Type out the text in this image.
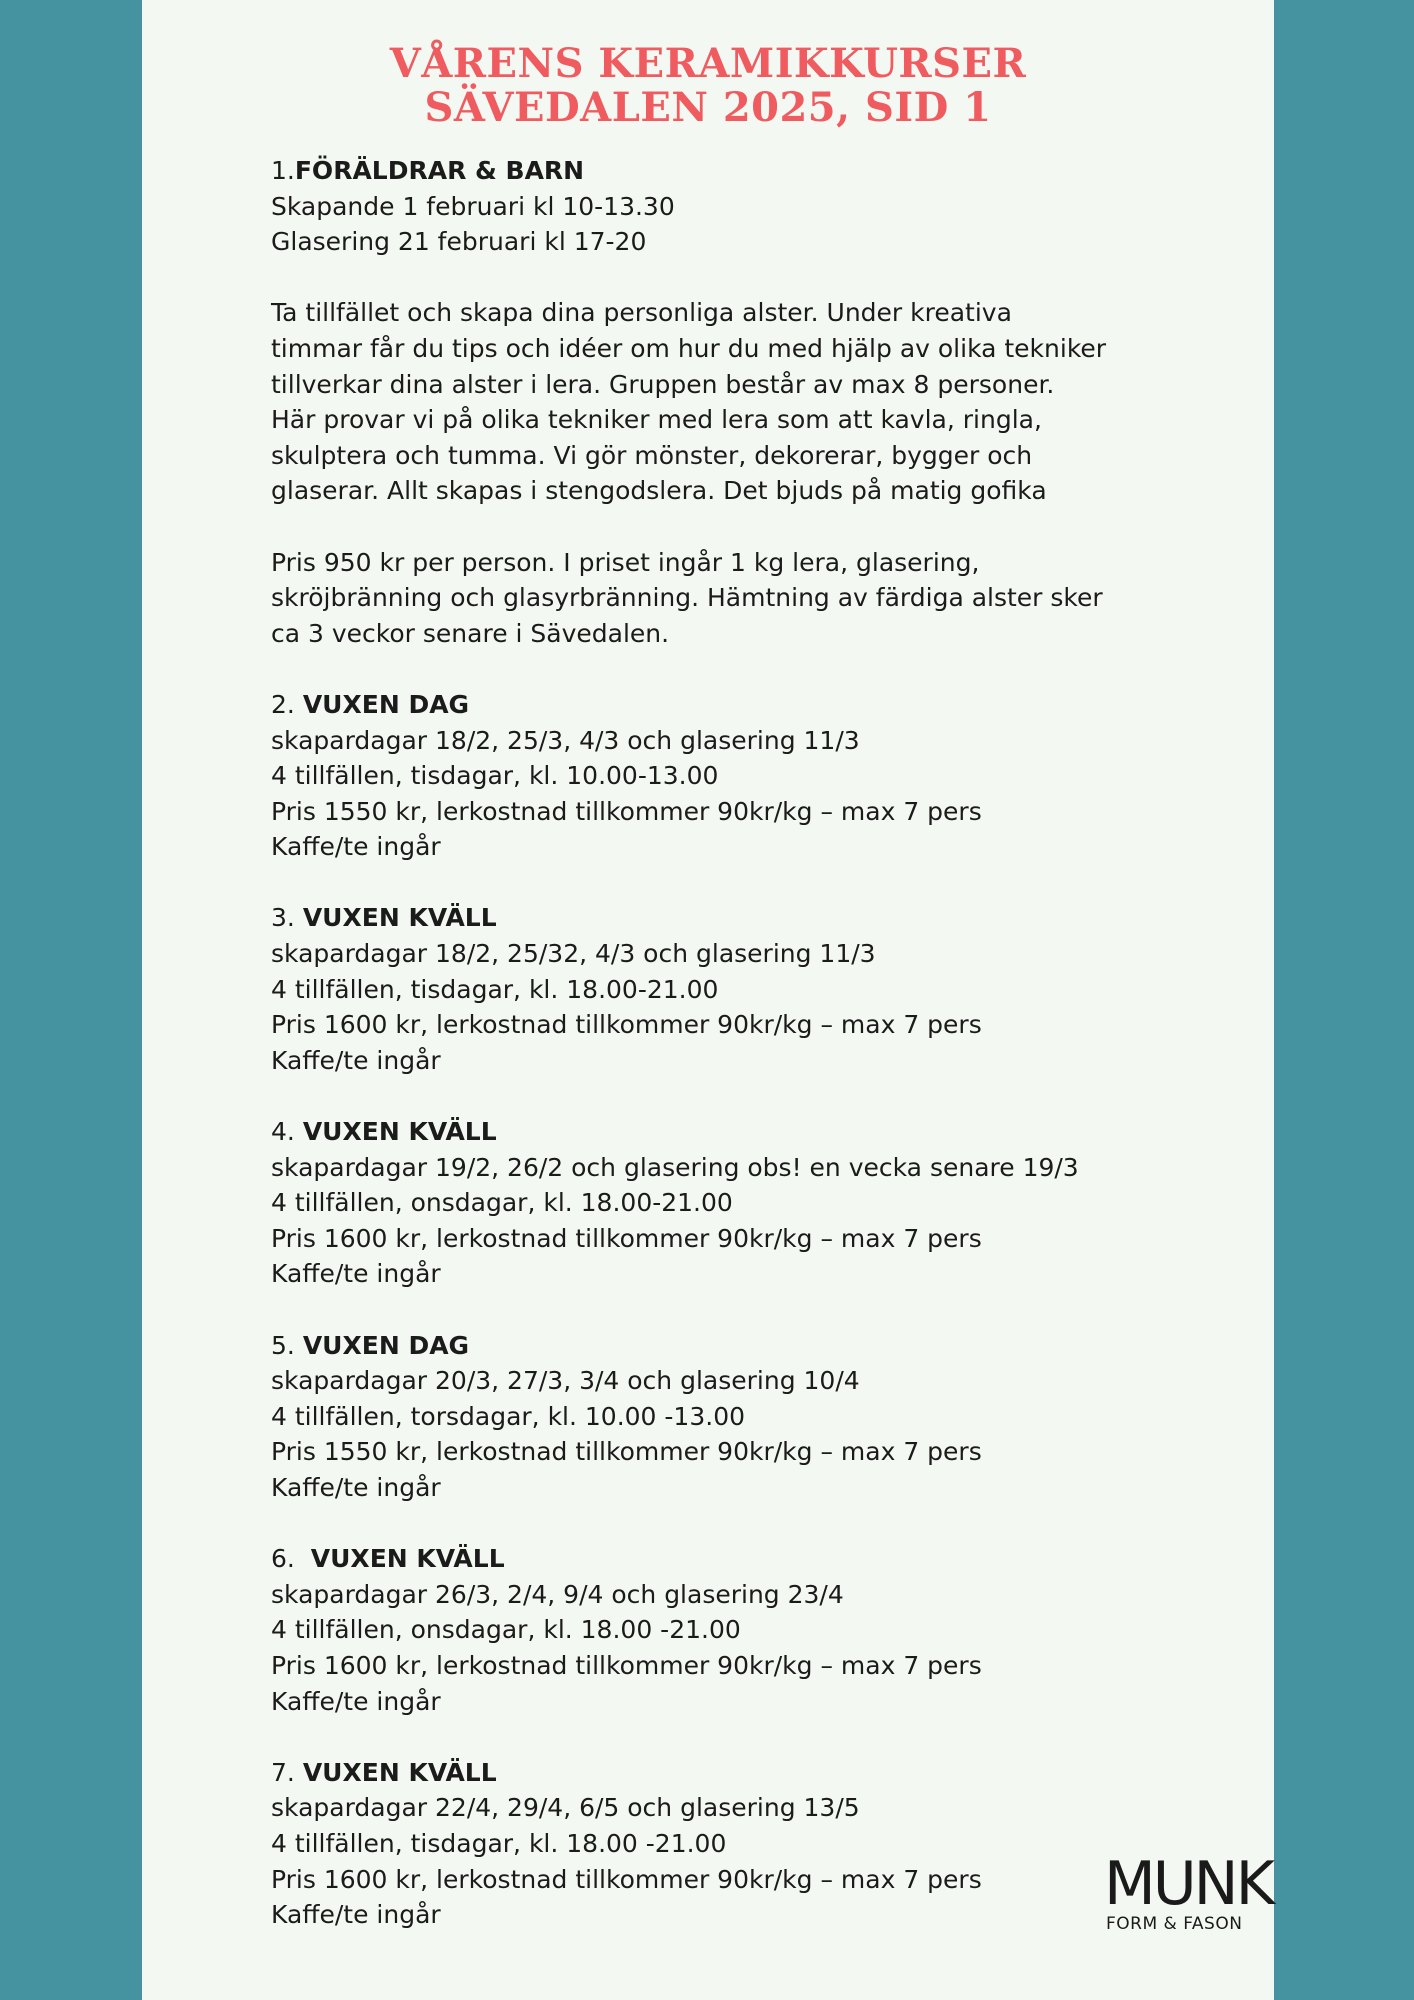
VÅRENS KERAMIKKURSER
SÄVEDALEN 2025, SID 1
1.FÖRÄLDRAR & BARN
Skapande 1 februari kl 10-13.30
Glasering 21 februari kl 17-20
Ta tillfället och skapa dina personliga alster. Under kreativa
timmar får du tips och idéer om hur du med hjälp av olika tekniker
tillverkar dina alster i lera. Gruppen består av max 8 personer.
Här provar vi på olika tekniker med lera som att kavla, ringla,
skulptera och tumma. Vi gör mönster, dekorerar, bygger och
glaserar. Allt skapas i stengodslera. Det bjuds på matig gofika
Pris 950 kr per person. I priset ingår 1 kg lera, glasering,
skröjbränning och glasyrbränning. Hämtning av färdiga alster sker
ca 3 veckor senare i Sävedalen.
2. VUXEN DAG
skapardagar 18/2, 25/3, 4/3 och glasering 11/3
4 tillfällen, tisdagar, kl. 10.00-13.00
Pris 1550 kr, lerkostnad tillkommer 90kr/kg – max 7 pers
Kaffe/te ingår
3. VUXEN KVÄLL
skapardagar 18/2, 25/32, 4/3 och glasering 11/3
4 tillfällen, tisdagar, kl. 18.00-21.00
Pris 1600 kr, lerkostnad tillkommer 90kr/kg – max 7 pers
Kaffe/te ingår
4. VUXEN KVÄLL
skapardagar 19/2, 26/2 och glasering obs! en vecka senare 19/3
4 tillfällen, onsdagar, kl. 18.00-21.00
Pris 1600 kr, lerkostnad tillkommer 90kr/kg – max 7 pers
Kaffe/te ingår
5. VUXEN DAG
skapardagar 20/3, 27/3, 3/4 och glasering 10/4
4 tillfällen, torsdagar, kl. 10.00 -13.00
Pris 1550 kr, lerkostnad tillkommer 90kr/kg – max 7 pers
Kaffe/te ingår
6. VUXEN KVÄLL
skapardagar 26/3, 2/4, 9/4 och glasering 23/4
4 tillfällen, onsdagar, kl. 18.00 -21.00
Pris 1600 kr, lerkostnad tillkommer 90kr/kg – max 7 pers
Kaffe/te ingår
7. VUXEN KVÄLL
skapardagar 22/4, 29/4, 6/5 och glasering 13/5
4 tillfällen, tisdagar, kl. 18.00 -21.00
Pris 1600 kr, lerkostnad tillkommer 90kr/kg – max 7 pers
Kaffe/te ingår	MUNK
FORM & FASON
